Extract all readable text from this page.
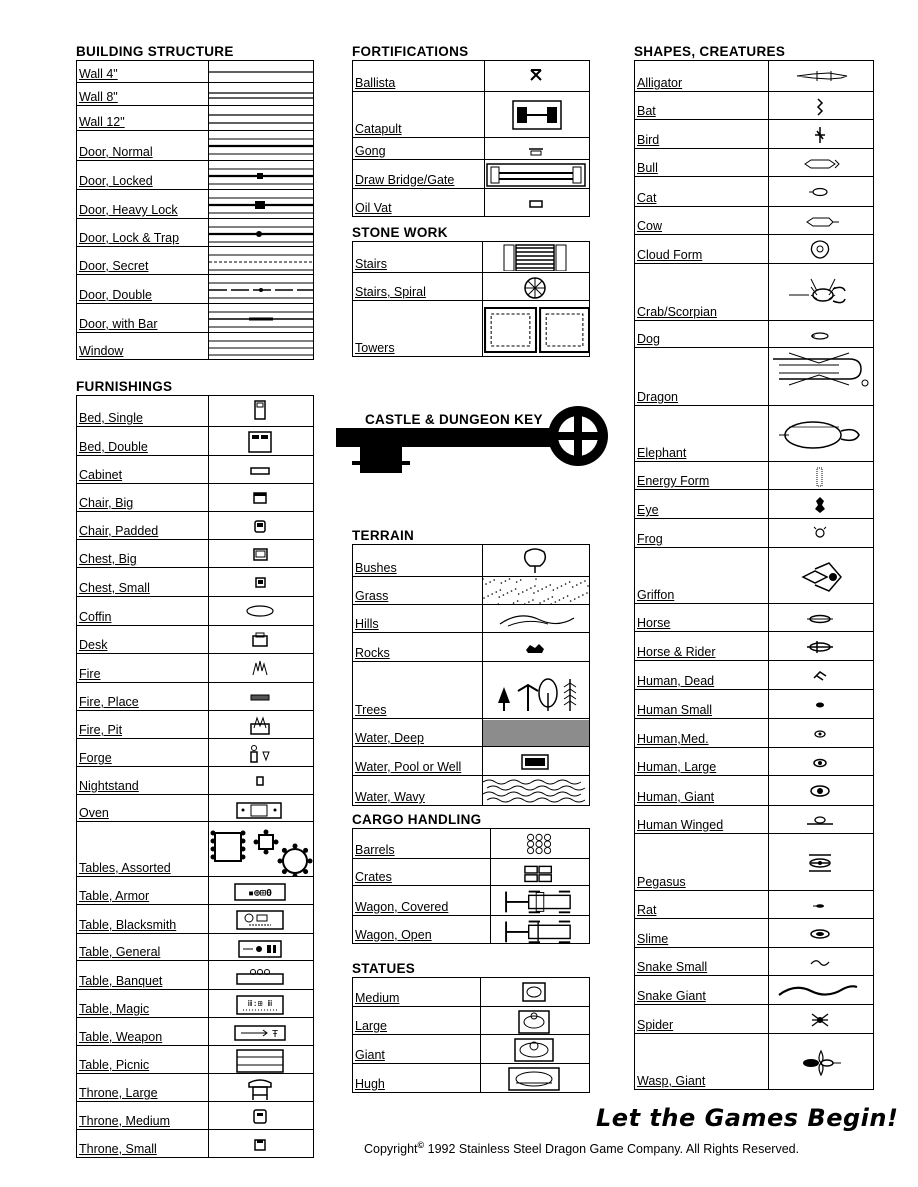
BUILDING STRUCTURE
Wall 4"
Wall 8"
Wall 12"
Door, Normal
Door, Locked
Door, Heavy Lock
Door, Lock & Trap
Door, Secret
Door, Double
Door, with Bar
Window
FURNISHINGS
Bed, Single
Bed, Double
Cabinet
Chair, Big
Chair, Padded
Chest, Big
Chest, Small
Coffin
Desk
Fire
Fire, Place
Fire, Pit
Forge
Nightstand
Oven
Tables, Assorted
Table, Armor	▪⊕⊞0
Table, Blacksmith
Table, General
Table, Banquet
Table, Magic	ⅲ:⊞ ⅲ
Table, Weapon	Ŧ
Table, Picnic
Throne, Large
Throne, Medium
Throne, Small
FORTIFICATIONS
Ballista
Catapult
Gong
Draw Bridge/Gate
Oil Vat
STONE WORK
Stairs
Stairs, Spiral
Towers
CASTLE & DUNGEON KEY
TERRAIN
Bushes
Grass
Hills
Rocks
Trees
Water, Deep
Water, Pool or Well
Water, Wavy
CARGO HANDLING
Barrels
Crates
Wagon, Covered
Wagon, Open
STATUES
Medium
Large
Giant
Hugh
SHAPES, CREATURES
Alligator
Bat
Bird
Bull
Cat
Cow
Cloud Form
Crab/Scorpian
Dog
Dragon
Elephant
Energy Form
Eye
Frog
Griffon
Horse
Horse & Rider
Human, Dead
Human Small
Human,Med.
Human, Large
Human, Giant
Human Winged
Pegasus
Rat
Slime
Snake Small
Snake Giant
Spider
Wasp, Giant
Let the Games Begin!
Copyright© 1992 Stainless Steel Dragon Game Company. All Rights Reserved.
